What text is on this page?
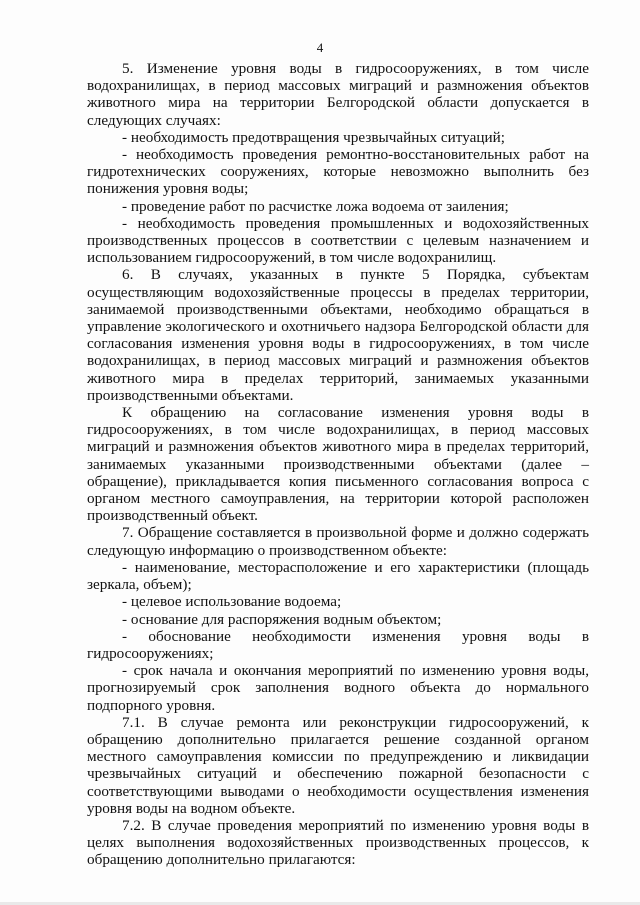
4

5. Изменение уровня воды в гидросооружениях, в том числе водохранилищах, в период массовых миграций и размножения объектов животного мира на территории Белгородской области допускается в следующих случаях:

- необходимость предотвращения чрезвычайных ситуаций;

- необходимость проведения ремонтно-восстановительных работ на гидротехнических сооружениях, которые невозможно выполнить без понижения уровня воды;

- проведение работ по расчистке ложа водоема от заиления;

- необходимость проведения промышленных и водохозяйственных производственных процессов в соответствии с целевым назначением и использованием гидросооружений, в том числе водохранилищ.

6. В случаях, указанных в пункте 5 Порядка, субъектам осуществляющим водохозяйственные процессы в пределах территории, занимаемой производственными объектами, необходимо обращаться в управление экологического и охотничьего надзора Белгородской области для согласования изменения уровня воды в гидросооружениях, в том числе водохранилищах, в период массовых миграций и размножения объектов животного мира в пределах территорий, занимаемых указанными производственными объектами.

К обращению на согласование изменения уровня воды в гидросооружениях, в том числе водохранилищах, в период массовых миграций и размножения объектов животного мира в пределах территорий, занимаемых указанными производственными объектами (далее – обращение), прикладывается копия письменного согласования вопроса с органом местного самоуправления, на территории которой расположен производственный объект.

7. Обращение составляется в произвольной форме и должно содержать следующую информацию о производственном объекте:

- наименование, месторасположение и его характеристики (площадь зеркала, объем);

- целевое использование водоема;

- основание для распоряжения водным объектом;

- обоснование необходимости изменения уровня воды в гидросооружениях;

- срок начала и окончания мероприятий по изменению уровня воды, прогнозируемый срок заполнения водного объекта до нормального подпорного уровня.

7.1. В случае ремонта или реконструкции гидросооружений, к обращению дополнительно прилагается решение созданной органом местного самоуправления комиссии по предупреждению и ликвидации чрезвычайных ситуаций и обеспечению пожарной безопасности с соответствующими выводами о необходимости осуществления изменения уровня воды на водном объекте.

7.2. В случае проведения мероприятий по изменению уровня воды в целях выполнения водохозяйственных производственных процессов, к обращению дополнительно прилагаются:
